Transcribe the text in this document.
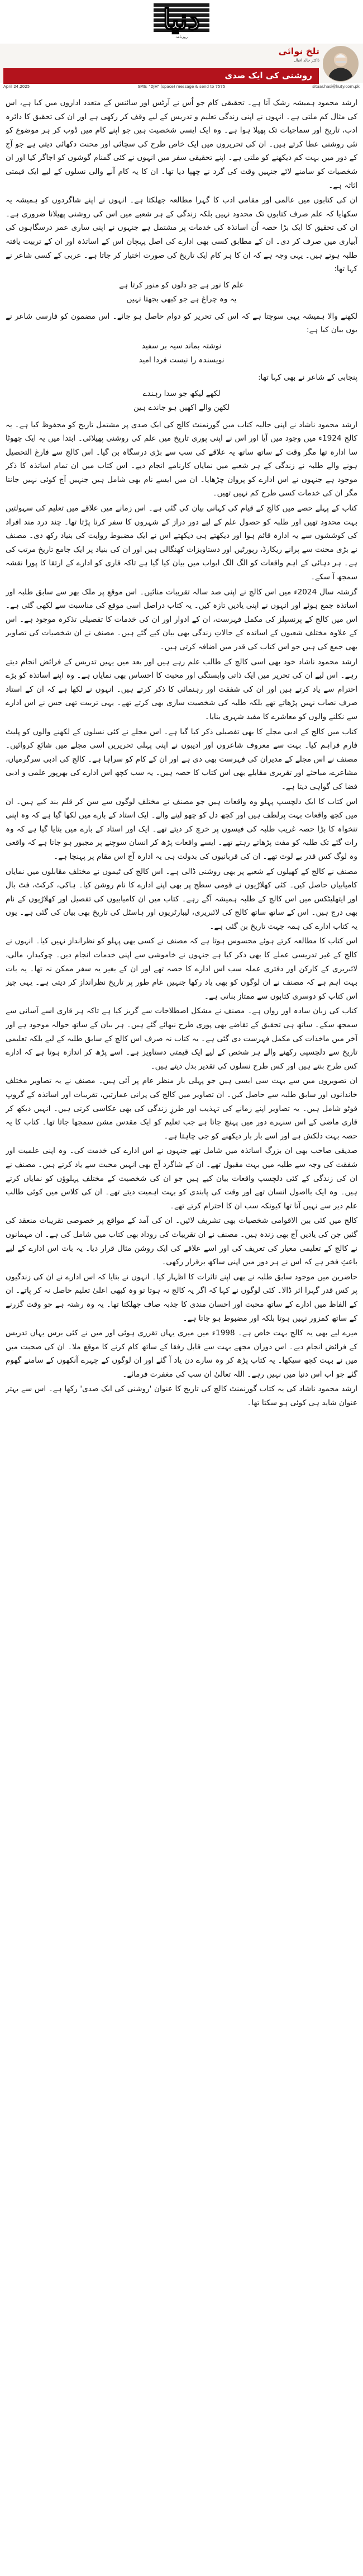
دنیا
روزنامہ
تلخ نوائی
ڈاکٹر خالد اقبال
روشنی کی ایک صدی
April 24,2025	SMS: "DJH" (space) message & send to 7575	sitaar.hasi@kuty.com.pk

ارشد محمود ہمیشہ رشک آتا ہے۔ تحقیقی کام جو اُس نے آرٹس اور سائنس کے متعدد اداروں میں کیا ہے، اس کی مثال کم ملتی ہے۔ انہوں نے اپنی زندگی تعلیم و تدریس کے لیے وقف کر رکھی ہے اور ان کی تحقیق کا دائرہ ادب، تاریخ اور سماجیات تک پھیلا ہوا ہے۔ وہ ایک ایسی شخصیت ہیں جو اپنے کام میں ڈوب کر ہر موضوع کو نئی روشنی عطا کرتے ہیں۔ ان کی تحریروں میں ایک خاص طرح کی سچائی اور محنت دکھائی دیتی ہے جو آج کے دور میں بہت کم دیکھنے کو ملتی ہے۔ اپنے تحقیقی سفر میں انہوں نے کئی گمنام گوشوں کو اجاگر کیا اور ان شخصیات کو سامنے لائے جنہیں وقت کی گرد نے چھپا دیا تھا۔ ان کا یہ کام آنے والی نسلوں کے لیے ایک قیمتی اثاثہ ہے۔

ان کی کتابوں میں عالمی اور مقامی ادب کا گہرا مطالعہ جھلکتا ہے۔ انہوں نے اپنے شاگردوں کو ہمیشہ یہ سکھایا کہ علم صرف کتابوں تک محدود نہیں بلکہ زندگی کے ہر شعبے میں اس کی روشنی پھیلانا ضروری ہے۔ ان کی تحقیق کا ایک بڑا حصہ اُن اساتذہ کی خدمات پر مشتمل ہے جنہوں نے اپنی ساری عمر درسگاہوں کی آبیاری میں صرف کر دی۔ ان کے مطابق کسی بھی ادارے کی اصل پہچان اس کے اساتذہ اور ان کے تربیت یافتہ طلبہ ہوتے ہیں۔ یہی وجہ ہے کہ ان کا ہر کام ایک تاریخ کی صورت اختیار کر جاتا ہے۔ عربی کے کسی شاعر نے کہا تھا:

علم کا نور ہے جو دلوں کو منور کرتا ہے
یہ وہ چراغ ہے جو کبھی بجھتا نہیں

لکھنے والا ہمیشہ یہی سوچتا ہے کہ اس کی تحریر کو دوام حاصل ہو جائے۔ اس مضمون کو فارسی شاعر نے یوں بیان کیا ہے:

نوشتہ بماند سیہ بر سفید
نویسندہ را نیست فردا امید

پنجابی کے شاعر نے بھی کہا تھا:

لکھے لیکھ جو سدا رہندے
لکھن والے اکھیں ہو جاندے ہین

ارشد محمود ناشاد نے اپنی حالیہ کتاب میں گورنمنٹ کالج کی ایک صدی پر مشتمل تاریخ کو محفوظ کیا ہے۔ یہ کالج 1924ء میں وجود میں آیا اور اس نے اپنی پوری تاریخ میں علم کی روشنی پھیلائی۔ ابتدا میں یہ ایک چھوٹا سا ادارہ تھا مگر وقت کے ساتھ ساتھ یہ علاقے کی سب سے بڑی درسگاہ بن گیا۔ اس کالج سے فارغ التحصیل ہونے والے طلبہ نے زندگی کے ہر شعبے میں نمایاں کارنامے انجام دیے۔ اس کتاب میں ان تمام اساتذہ کا ذکر موجود ہے جنہوں نے اس ادارے کو پروان چڑھایا۔ ان میں ایسے نام بھی شامل ہیں جنہیں آج کوئی نہیں جانتا مگر ان کی خدمات کسی طرح کم نہیں تھیں۔

کتاب کے پہلے حصے میں کالج کے قیام کی کہانی بیان کی گئی ہے۔ اس زمانے میں علاقے میں تعلیم کی سہولتیں بہت محدود تھیں اور طلبہ کو حصول علم کے لیے دور دراز کے شہروں کا سفر کرنا پڑتا تھا۔ چند درد مند افراد کی کوششوں سے یہ ادارہ قائم ہوا اور دیکھتے ہی دیکھتے اس نے ایک مضبوط روایت کی بنیاد رکھ دی۔ مصنف نے بڑی محنت سے پرانے ریکارڈ، رپورٹیں اور دستاویزات کھنگالی ہیں اور ان کی بنیاد پر ایک جامع تاریخ مرتب کی ہے۔ ہر دہائی کے اہم واقعات کو الگ الگ ابواب میں بیان کیا گیا ہے تاکہ قاری کو ادارے کے ارتقا کا پورا نقشہ سمجھ آ سکے۔

گزشتہ سال 2024ء میں اس کالج نے اپنی صد سالہ تقریبات منائیں۔ اس موقع پر ملک بھر سے سابق طلبہ اور اساتذہ جمع ہوئے اور انہوں نے اپنی یادیں تازہ کیں۔ یہ کتاب دراصل اسی موقع کی مناسبت سے لکھی گئی ہے۔ اس میں کالج کے پرنسپلز کی مکمل فہرست، ان کے ادوار اور ان کی خدمات کا تفصیلی تذکرہ موجود ہے۔ اس کے علاوہ مختلف شعبوں کے اساتذہ کے حالاتِ زندگی بھی بیان کیے گئے ہیں۔ مصنف نے ان شخصیات کی تصاویر بھی جمع کی ہیں جو اس کتاب کی قدر میں اضافہ کرتی ہیں۔

ارشد محمود ناشاد خود بھی اسی کالج کے طالب علم رہے ہیں اور بعد میں یہیں تدریس کے فرائض انجام دیتے رہے۔ اس لیے ان کی تحریر میں ایک ذاتی وابستگی اور محبت کا احساس بھی نمایاں ہے۔ وہ اپنے اساتذہ کو بڑے احترام سے یاد کرتے ہیں اور ان کی شفقت اور رہنمائی کا ذکر کرتے ہیں۔ انہوں نے لکھا ہے کہ ان کے استاد صرف نصاب نہیں پڑھاتے تھے بلکہ طلبہ کی شخصیت سازی بھی کرتے تھے۔ یہی تربیت تھی جس نے اس ادارے سے نکلنے والوں کو معاشرے کا مفید شہری بنایا۔

کتاب میں کالج کے ادبی مجلے کا بھی تفصیلی ذکر کیا گیا ہے۔ اس مجلے نے کئی نسلوں کے لکھنے والوں کو پلیٹ فارم فراہم کیا۔ بہت سے معروف شاعروں اور ادیبوں نے اپنی پہلی تحریریں اسی مجلے میں شائع کروائیں۔ مصنف نے اس مجلے کے مدیران کی فہرست بھی دی ہے اور ان کے کام کو سراہا ہے۔ کالج کی ادبی سرگرمیاں، مشاعرے، مباحثے اور تقریری مقابلے بھی اس کتاب کا حصہ ہیں۔ یہ سب کچھ اس ادارے کی بھرپور علمی و ادبی فضا کی گواہی دیتا ہے۔

اس کتاب کا ایک دلچسپ پہلو وہ واقعات ہیں جو مصنف نے مختلف لوگوں سے سن کر قلم بند کیے ہیں۔ ان میں کچھ واقعات بہت پرلطف ہیں اور کچھ دل کو چھو لینے والے۔ ایک استاد کے بارے میں لکھا گیا ہے کہ وہ اپنی تنخواہ کا بڑا حصہ غریب طلبہ کی فیسوں پر خرچ کر دیتے تھے۔ ایک اور استاد کے بارے میں بتایا گیا ہے کہ وہ رات گئے تک طلبہ کو مفت پڑھاتے رہتے تھے۔ ایسے واقعات پڑھ کر انسان سوچنے پر مجبور ہو جاتا ہے کہ واقعی وہ لوگ کس قدر بے لوث تھے۔ ان کی قربانیوں کی بدولت ہی یہ ادارہ آج اس مقام پر پہنچا ہے۔

مصنف نے کالج کے کھیلوں کے شعبے پر بھی روشنی ڈالی ہے۔ اس کالج کی ٹیموں نے مختلف مقابلوں میں نمایاں کامیابیاں حاصل کیں۔ کئی کھلاڑیوں نے قومی سطح پر بھی اپنے ادارے کا نام روشن کیا۔ ہاکی، کرکٹ، فٹ بال اور ایتھلیٹکس میں اس کالج کے طلبہ ہمیشہ آگے رہے۔ کتاب میں ان کامیابیوں کی تفصیل اور کھلاڑیوں کے نام بھی درج ہیں۔ اس کے ساتھ ساتھ کالج کی لائبریری، لیبارٹریوں اور ہاسٹل کی تاریخ بھی بیان کی گئی ہے۔ یوں یہ کتاب ادارے کی ہمہ جہت تاریخ بن گئی ہے۔

اس کتاب کا مطالعہ کرتے ہوئے محسوس ہوتا ہے کہ مصنف نے کسی بھی پہلو کو نظرانداز نہیں کیا۔ انہوں نے کالج کے غیر تدریسی عملے کا بھی ذکر کیا ہے جنہوں نے خاموشی سے اپنی خدمات انجام دیں۔ چوکیدار، مالی، لائبریری کے کارکن اور دفتری عملہ سب اس ادارے کا حصہ تھے اور ان کے بغیر یہ سفر ممکن نہ تھا۔ یہ بات بہت اہم ہے کہ مصنف نے ان لوگوں کو بھی یاد رکھا جنہیں عام طور پر تاریخ نظرانداز کر دیتی ہے۔ یہی چیز اس کتاب کو دوسری کتابوں سے ممتاز بناتی ہے۔

کتاب کی زبان سادہ اور رواں ہے۔ مصنف نے مشکل اصطلاحات سے گریز کیا ہے تاکہ ہر قاری اسے آسانی سے سمجھ سکے۔ ساتھ ہی تحقیق کے تقاضے بھی پوری طرح نبھائے گئے ہیں۔ ہر بیان کے ساتھ حوالہ موجود ہے اور آخر میں ماخذات کی مکمل فہرست دی گئی ہے۔ یہ کتاب نہ صرف اس کالج کے سابق طلبہ کے لیے بلکہ تعلیمی تاریخ سے دلچسپی رکھنے والے ہر شخص کے لیے ایک قیمتی دستاویز ہے۔ اسے پڑھ کر اندازہ ہوتا ہے کہ ادارے کس طرح بنتے ہیں اور کس طرح نسلوں کی تقدیر بدل دیتے ہیں۔

ان تصویروں میں سے بہت سی ایسی ہیں جو پہلی بار منظر عام پر آئی ہیں۔ مصنف نے یہ تصاویر مختلف خاندانوں اور سابق طلبہ سے حاصل کیں۔ ان تصاویر میں کالج کی پرانی عمارتیں، تقریبات اور اساتذہ کے گروپ فوٹو شامل ہیں۔ یہ تصاویر اپنے زمانے کی تہذیب اور طرزِ زندگی کی بھی عکاسی کرتی ہیں۔ انہیں دیکھ کر قاری ماضی کے اس سنہرے دور میں پہنچ جاتا ہے جب تعلیم کو ایک مقدس مشن سمجھا جاتا تھا۔ کتاب کا یہ حصہ بہت دلکش ہے اور اسے بار بار دیکھنے کو جی چاہتا ہے۔

صدیقی صاحب بھی ان بزرگ اساتذہ میں شامل تھے جنہوں نے اس ادارے کی خدمت کی۔ وہ اپنی علمیت اور شفقت کی وجہ سے طلبہ میں بہت مقبول تھے۔ ان کے شاگرد آج بھی انہیں محبت سے یاد کرتے ہیں۔ مصنف نے ان کی زندگی کے کئی دلچسپ واقعات بیان کیے ہیں جو ان کی شخصیت کے مختلف پہلوؤں کو نمایاں کرتے ہیں۔ وہ ایک بااصول انسان تھے اور وقت کی پابندی کو بہت اہمیت دیتے تھے۔ ان کی کلاس میں کوئی طالب علم دیر سے نہیں آتا تھا کیونکہ سب ان کا احترام کرتے تھے۔

کالج میں کئی بین الاقوامی شخصیات بھی تشریف لائیں۔ ان کی آمد کے مواقع پر خصوصی تقریبات منعقد کی گئیں جن کی یادیں آج بھی زندہ ہیں۔ مصنف نے ان تقریبات کی روداد بھی کتاب میں شامل کی ہے۔ ان مہمانوں نے کالج کے تعلیمی معیار کی تعریف کی اور اسے علاقے کی ایک روشن مثال قرار دیا۔ یہ بات اس ادارے کے لیے باعثِ فخر ہے کہ اس نے ہر دور میں اپنی ساکھ برقرار رکھی۔

حاضرین میں موجود سابق طلبہ نے بھی اپنے تاثرات کا اظہار کیا۔ انہوں نے بتایا کہ اس ادارے نے ان کی زندگیوں پر کس قدر گہرا اثر ڈالا۔ کئی لوگوں نے کہا کہ اگر یہ کالج نہ ہوتا تو وہ کبھی اعلیٰ تعلیم حاصل نہ کر پاتے۔ ان کے الفاظ میں ادارے کے ساتھ محبت اور احسان مندی کا جذبہ صاف جھلکتا تھا۔ یہ وہ رشتہ ہے جو وقت گزرنے کے ساتھ کمزور نہیں ہوتا بلکہ اور مضبوط ہو جاتا ہے۔

میرے لیے بھی یہ کالج بہت خاص ہے۔ 1998ء میں میری یہاں تقرری ہوئی اور میں نے کئی برس یہاں تدریس کے فرائض انجام دیے۔ اس دوران مجھے بہت سے قابل رفقا کے ساتھ کام کرنے کا موقع ملا۔ ان کی صحبت میں میں نے بہت کچھ سیکھا۔ یہ کتاب پڑھ کر وہ سارے دن یاد آ گئے اور ان لوگوں کے چہرے آنکھوں کے سامنے گھوم گئے جو اب اس دنیا میں نہیں رہے۔ اللہ تعالیٰ ان سب کی مغفرت فرمائے۔

ارشد محمود ناشاد کی یہ کتاب گورنمنٹ کالج کی تاریخ کا عنوان 'روشنی کی ایک صدی' رکھا ہے۔ اس سے بہتر عنوان شاید ہی کوئی ہو سکتا تھا۔
